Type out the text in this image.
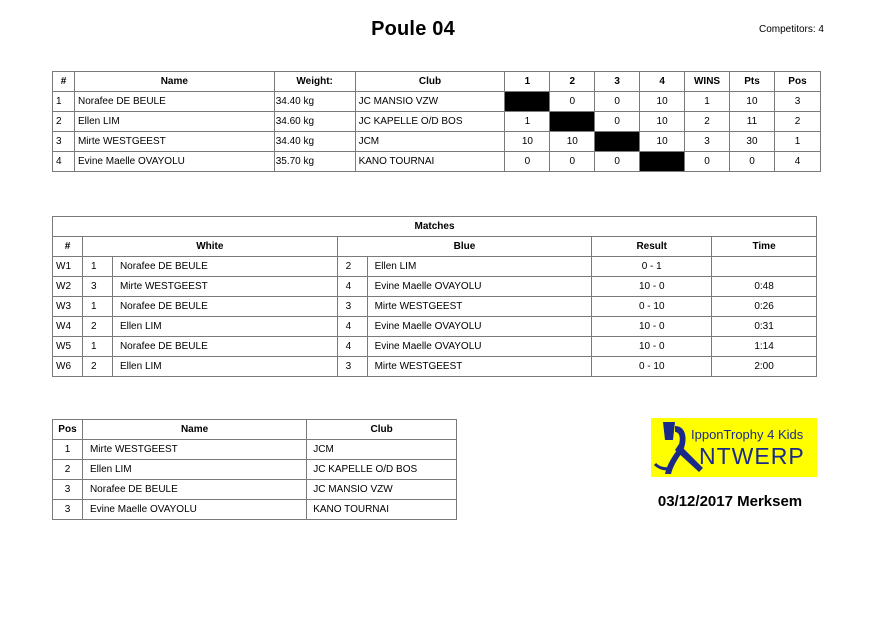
Poule 04	Competitors: 4
#	Name	Weight:	Club	1	2	3	4	WINS	Pts	Pos
1	Norafee DE BEULE	34.40 kg	JC MANSIO VZW		0	0	10	1	10	3
2	Ellen LIM	34.60 kg	JC KAPELLE O/D BOS	1		0	10	2	11	2
3	Mirte WESTGEEST	34.40 kg	JCM	10	10		10	3	30	1
4	Evine Maelle OVAYOLU	35.70 kg	KANO TOURNAI	0	0	0		0	0	4
Matches						
#	White		Blue		Result	Time
W1	1	Norafee DE BEULE	2	Ellen LIM	0 - 1	
W2	3	Mirte WESTGEEST	4	Evine Maelle OVAYOLU	10 - 0	0:48
W3	1	Norafee DE BEULE	3	Mirte WESTGEEST	0 - 10	0:26
W4	2	Ellen LIM	4	Evine Maelle OVAYOLU	10 - 0	0:31
W5	1	Norafee DE BEULE	4	Evine Maelle OVAYOLU	10 - 0	1:14
W6	2	Ellen LIM	3	Mirte WESTGEEST	0 - 10	2:00
Pos	Name	Club
1	Mirte WESTGEEST	JCM
2	Ellen LIM	JC KAPELLE O/D BOS
3	Norafee DE BEULE	JC MANSIO VZW
3	Evine Maelle OVAYOLU	KANO TOURNAI
IpponTrophy 4 Kids
NTWERP
03/12/2017 Merksem
